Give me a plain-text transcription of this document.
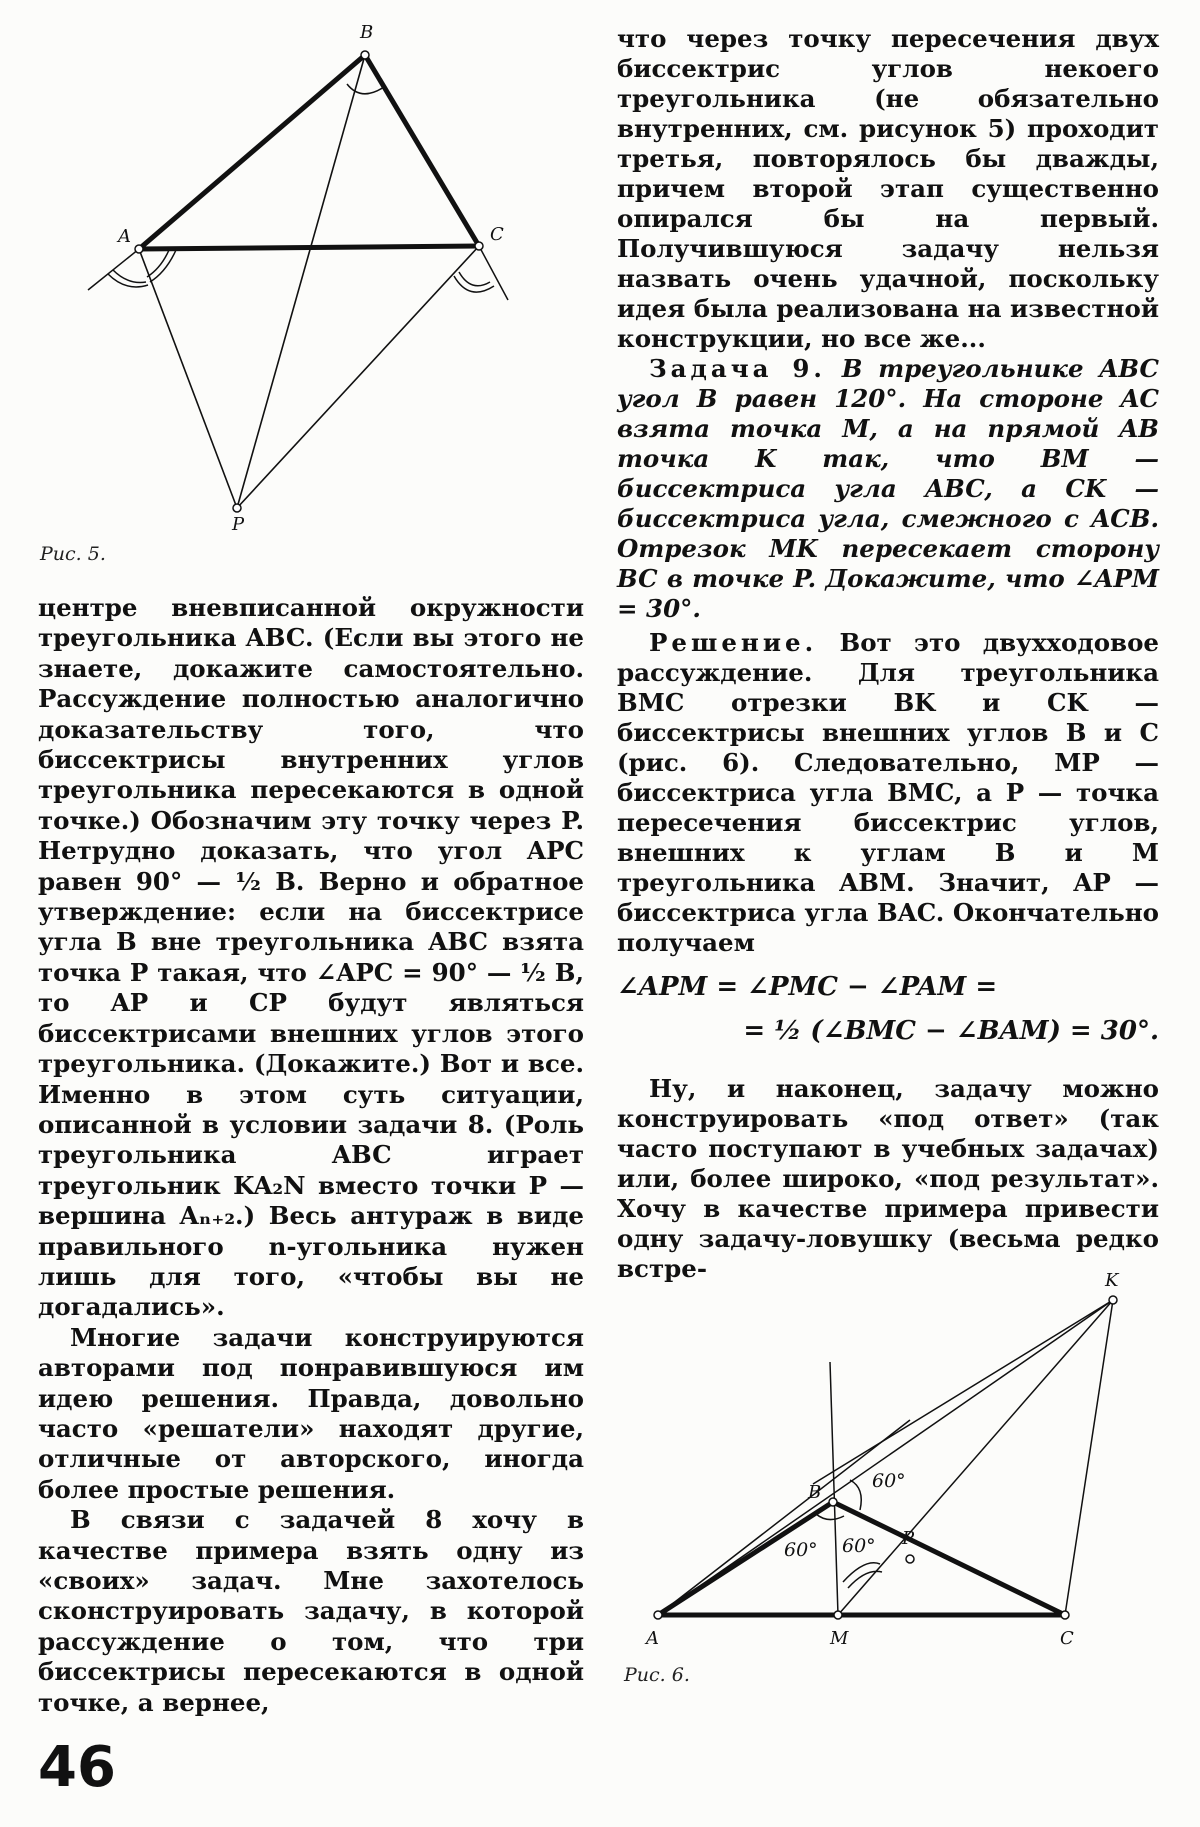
B
A	C
P
Рис. 5.

центре вневписанной окружности треугольника ABC. (Если вы этого не знаете, докажите самостоятельно. Рассуждение полностью аналогично доказательству того, что биссектрисы внутренних углов треугольника пересекаются в одной точке.) Обозначим эту точку через P. Нетрудно доказать, что угол APC равен 90° — ½ B. Верно и обратное утверждение: если на биссектрисе угла B вне треугольника ABC взята точка P такая, что ∠APC = 90° — ½ B, то AP и CP будут являться биссектрисами внешних углов этого треугольника. (Докажите.) Вот и все. Именно в этом суть ситуации, описанной в условии задачи 8. (Роль треугольника ABC играет треугольник KA₂N вместо точки P — вершина Aₙ₊₂.) Весь антураж в виде правильного n-угольника нужен лишь для того, «чтобы вы не догадались».

Многие задачи конструируются авторами под понравившуюся им идею решения. Правда, довольно часто «решатели» находят другие, отличные от авторского, иногда более простые решения.

В связи с задачей 8 хочу в качестве примера взять одну из «своих» задач. Мне захотелось сконструировать задачу, в которой рассуждение о том, что три биссектрисы пересекаются в одной точке, а вернее,

что через точку пересечения двух биссектрис углов некоего треугольника (не обязательно внутренних, см. рисунок 5) проходит третья, повторялось бы дважды, причем второй этап существенно опирался бы на первый. Получившуюся задачу нельзя назвать очень удачной, поскольку идея была реализована на известной конструкции, но все же...

Задача 9. В треугольнике ABC угол B равен 120°. На стороне AC взята точка M, а на прямой AB точка K так, что BM — биссектриса угла ABC, а CK — биссектриса угла, смежного с ACB. Отрезок MK пересекает сторону BC в точке P. Докажите, что ∠APM = 30°.

Решение. Вот это двухходовое рассуждение. Для треугольника BMC отрезки BK и CK — биссектрисы внешних углов B и C (рис. 6). Следовательно, MP — биссектриса угла BMC, а P — точка пересечения биссектрис углов, внешних к углам B и M треугольника ABM. Значит, AP — биссектриса угла BAC. Окончательно получаем

∠APM = ∠PMC − ∠PAM =
= ½ (∠BMC − ∠BAM) = 30°.

Ну, и наконец, задачу можно конструировать «под ответ» (так часто поступают в учебных задачах) или, более широко, «под результат». Хочу в качестве примера привести одну задачу-ловушку (весьма редко встре-	K
B
P
A	M	C
60°
60° 60°
Рис. 6.
46
